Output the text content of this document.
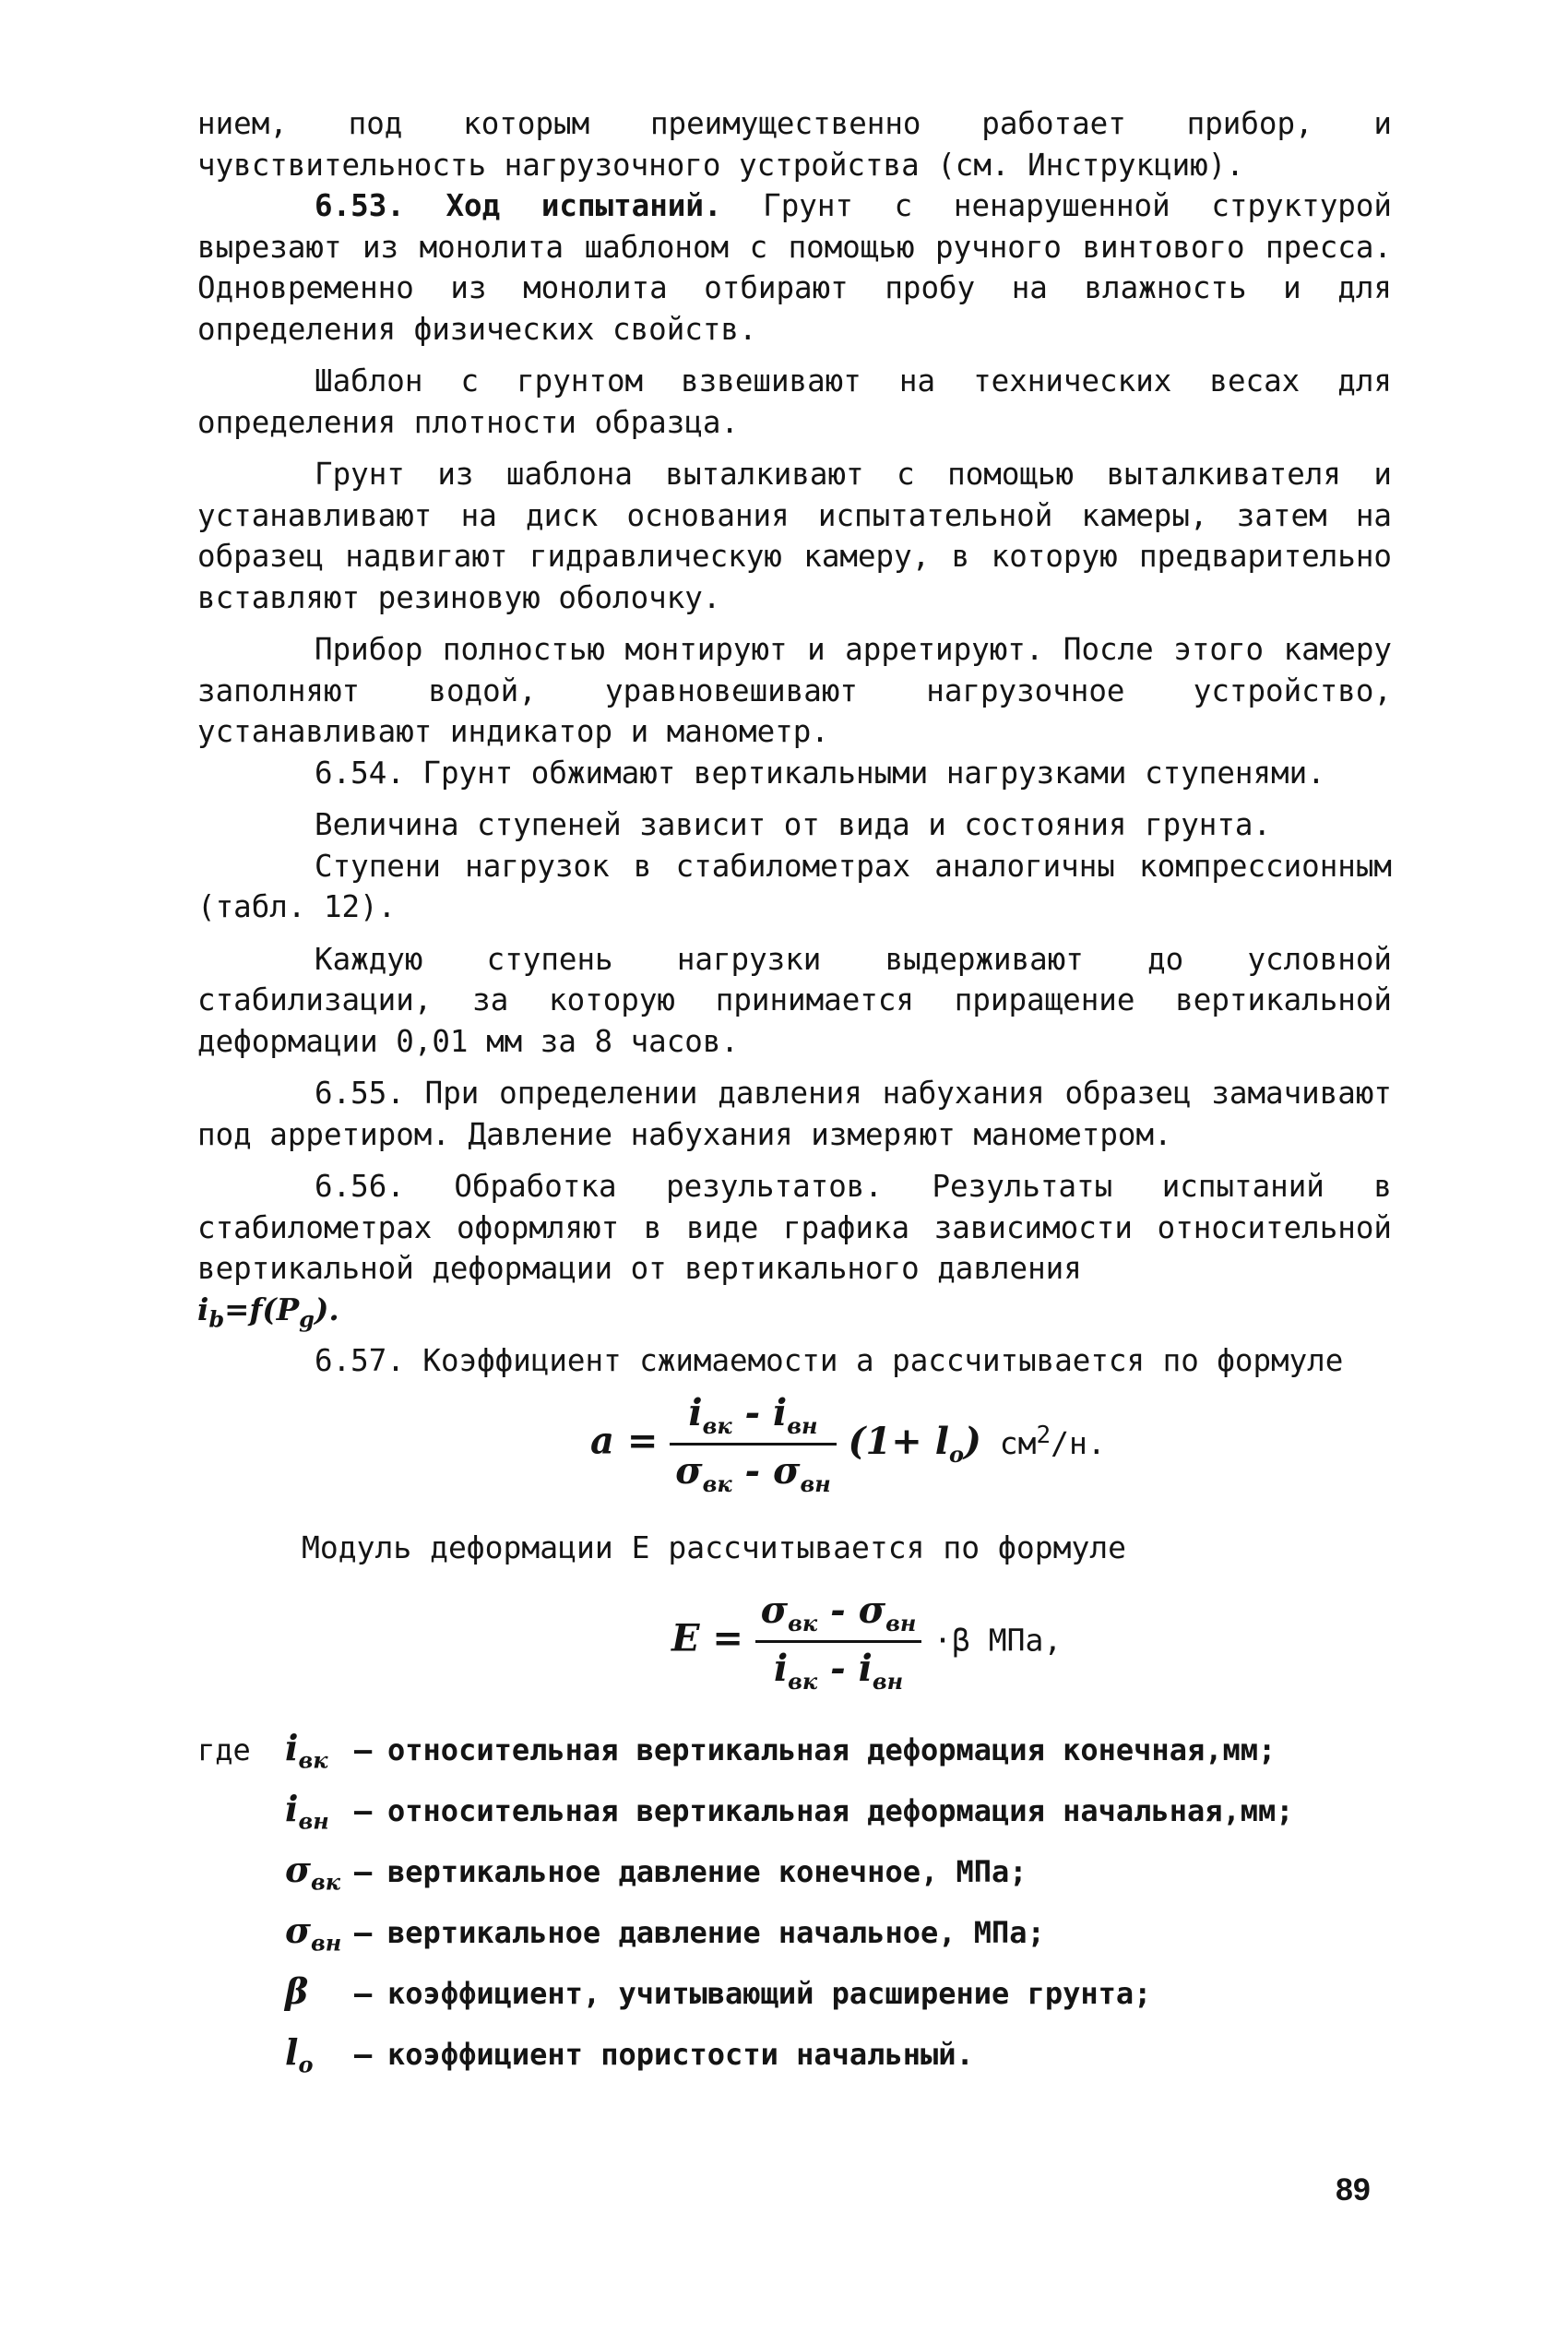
нием, под которым преимущественно работает прибор, и чувствительность нагрузочного устройства (см. Инструкцию).

6.53. Ход испытаний. Грунт с ненарушенной структурой вырезают из монолита шаблоном с помощью ручного винтового пресса. Одновременно из монолита отбирают пробу на влажность и для определения физических свойств.

Шаблон с грунтом взвешивают на технических весах для определения плотности образца.

Грунт из шаблона выталкивают с помощью выталкивателя и устанавливают на диск основания испытательной камеры, затем на образец надвигают гидравлическую камеру, в которую предварительно вставляют резиновую оболочку.

Прибор полностью монтируют и арретируют. После этого камеру заполняют водой, уравновешивают нагрузочное устройство, устанавливают индикатор и манометр.

6.54. Грунт обжимают вертикальными нагрузками ступенями.

Величина ступеней зависит от вида и состояния грунта.

Ступени нагрузок в стабилометрах аналогичны компрессионным (табл. 12).

Каждую ступень нагрузки выдерживают до условной стабилизации, за которую принимается приращение вертикальной деформации 0,01 мм за 8 часов.

6.55. При определении давления набухания образец замачивают под арретиром. Давление набухания измеряют манометром.

6.56. Обработка результатов. Результаты испытаний в стабилометрах оформляют в виде графика зависимости относительной вертикальной деформации от вертикального давления
$i_b=f(P_g)$.

6.57. Коэффициент сжимаемости a рассчитывается по формуле

$a = \frac{i_{вк} - i_{вн}}{\sigma_{вк} - \sigma_{вн}} (1+ l_o)$ $см^2/н$.
Модуль деформации Е рассчитывается по формуле
$E = \frac{\sigma_{вк} - \sigma_{вн}}{i_{вк} - i_{вн}} \cdot\beta$ МПа,
где $i_{вк}$ – относительная вертикальная деформация конечная,мм;
$i_{вн}$ – относительная вертикальная деформация начальная,мм;
$\sigma_{вк}$ – вертикальное давление конечное, МПа;
$\sigma_{вн}$ – вертикальное давление начальное, МПа;
β	– коэффициент, учитывающий расширение грунта;
$l_o$	– коэффициент пористости начальный.
89
